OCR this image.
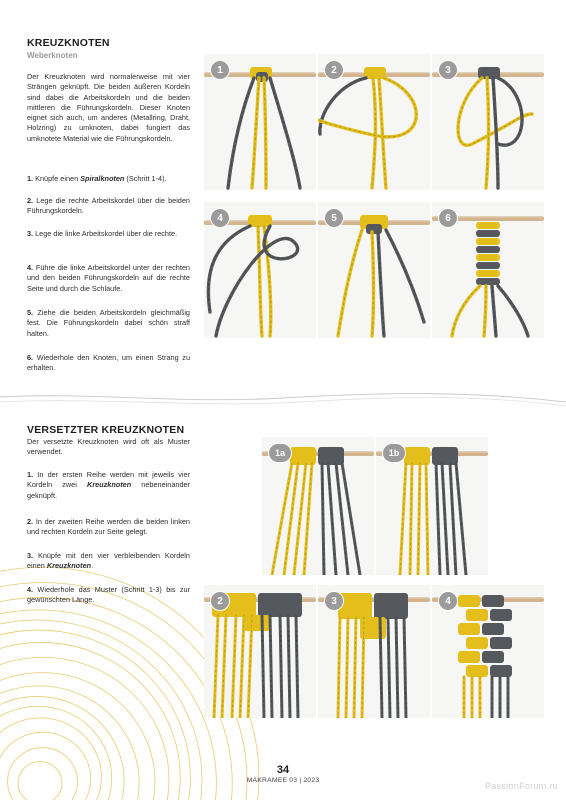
KREUZKNOTEN
Weberknoten

Der Kreuzknoten wird normalerweise mit vier Strängen geknüpft. Die beiden äußeren Kordeln sind dabei die Arbeitskordeln und die beiden mittleren die Führungskordeln. Dieser Knoten eignet sich auch, um anderes (Metallring, Draht, Holzring) zu umknoten, dabei fungiert das umknotete Material wie die Führungskordeln.

1. Knüpfe einen Spiralknoten (Schritt 1-4).

2. Lege die rechte Arbeitskordel über die beiden Führungskordeln.

3. Lege die linke Arbeitskordel über die rechte.

4. Führe die linke Arbeitskordel unter der rechten und den beiden Führungskordeln auf die rechte Seite und durch die Schlaufe.

5. Ziehe die beiden Arbeitskordeln gleichmäßig fest. Die Führungskordeln dabei schön straff halten.

6. Wiederhole den Knoten, um einen Strang zu erhalten.

1	2	3
4	5	6
VERSETZTER KREUZKNOTEN

Der versetzte Kreuzknoten wird oft als Muster verwendet.

1. In der ersten Reihe werden mit jeweils vier Kordeln zwei Kreuzknoten nebeneinander geknüpft.

2. In der zweiten Reihe werden die beiden linken und rechten Kordeln zur Seite gelegt.

3. Knüpfe mit den vier verbleibenden Kordeln einen Kreuzknoten.

4. Wiederhole das Muster (Schritt 1-3) bis zur gewünschten Länge.

1a	1b
2	3	4
34
MAKRAMEE 03 | 2023
PassionForum.ru
